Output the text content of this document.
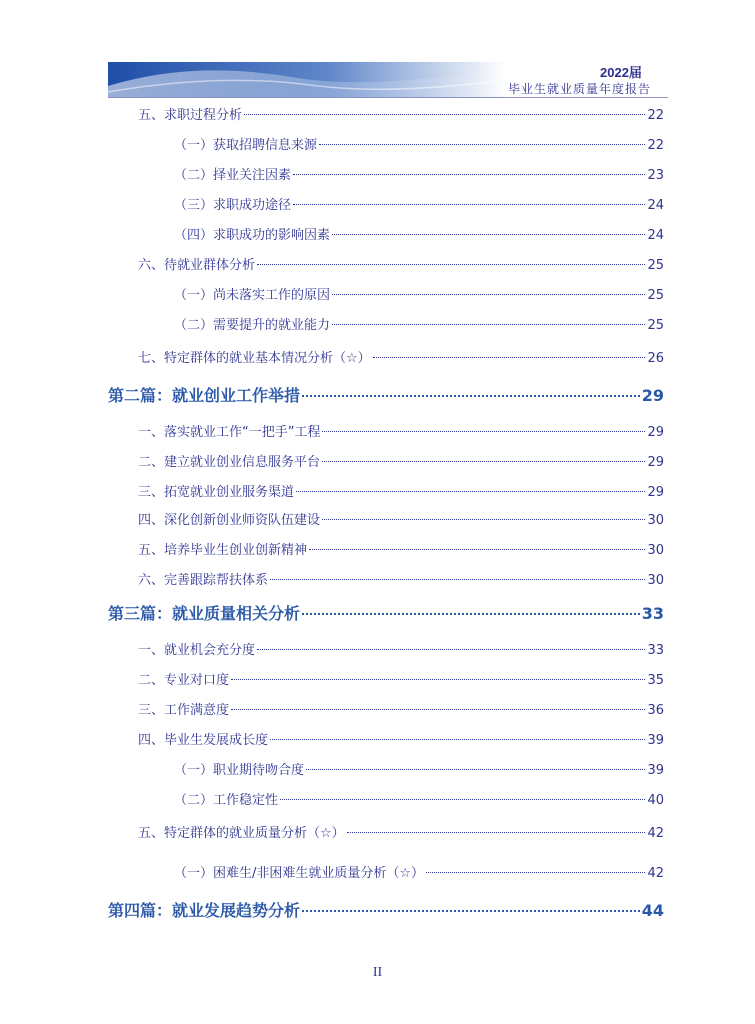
2022届
毕业生就业质量年度报告
五、求职过程分析	22
（一）获取招聘信息来源	22
（二）择业关注因素	23
（三）求职成功途径	24
（四）求职成功的影响因素	24
六、待就业群体分析	25
（一）尚未落实工作的原因	25
（二）需要提升的就业能力	25
七、特定群体的就业基本情况分析（☆）	26
第二篇：就业创业工作举措	29
一、落实就业工作“一把手”工程	29
二、建立就业创业信息服务平台	29
三、拓宽就业创业服务渠道	29
四、深化创新创业师资队伍建设	30
五、培养毕业生创业创新精神	30
六、完善跟踪帮扶体系	30
第三篇：就业质量相关分析	33
一、就业机会充分度	33
二、专业对口度	35
三、工作满意度	36
四、毕业生发展成长度	39
（一）职业期待吻合度	39
（二）工作稳定性	40
五、特定群体的就业质量分析（☆）	42
（一）困难生/非困难生就业质量分析（☆）	42
第四篇：就业发展趋势分析	44
II
